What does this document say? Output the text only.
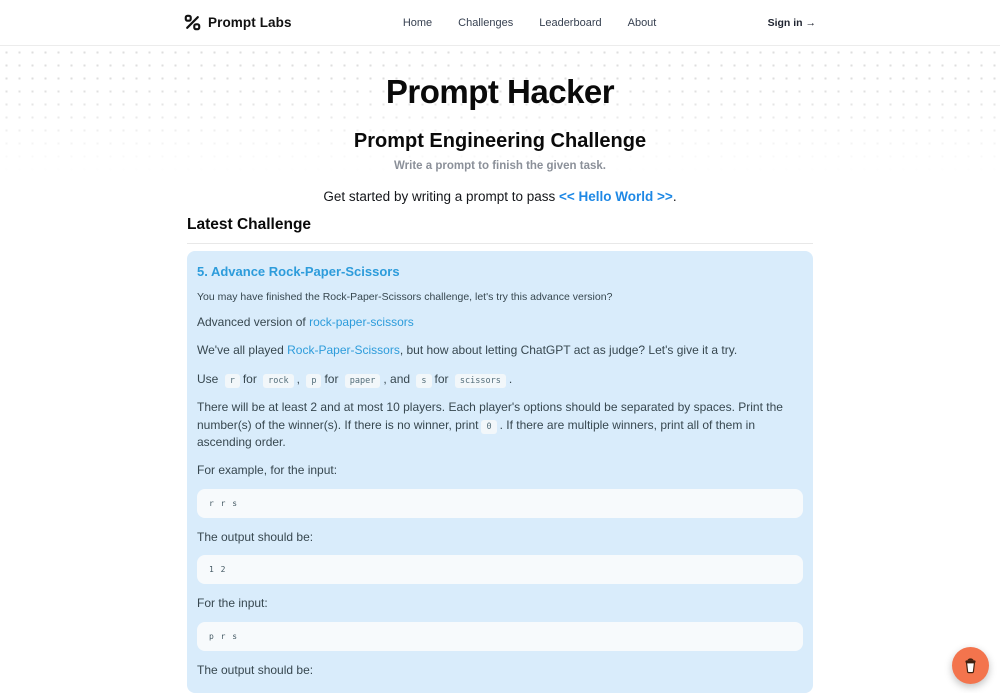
Prompt Labs	Home Challenges Leaderboard About	Sign in →
Prompt Hacker
Prompt Engineering Challenge
Write a prompt to finish the given task.
Get started by writing a prompt to pass << Hello World >>.
Latest Challenge
5. Advance Rock-Paper-Scissors

You may have finished the Rock-Paper-Scissors challenge, let's try this advance version?

Advanced version of rock-paper-scissors

We've all played Rock-Paper-Scissors, but how about letting ChatGPT act as judge? Let's give it a try.

Use r for rock , p for paper , and s for scissors .

There will be at least 2 and at most 10 players. Each player's options should be separated by spaces. Print the number(s) of the winner(s). If there is no winner, print 0 . If there are multiple winners, print all of them in ascending order.

For example, for the input:

r r s

The output should be:

1 2

For the input:

p r s

The output should be:
